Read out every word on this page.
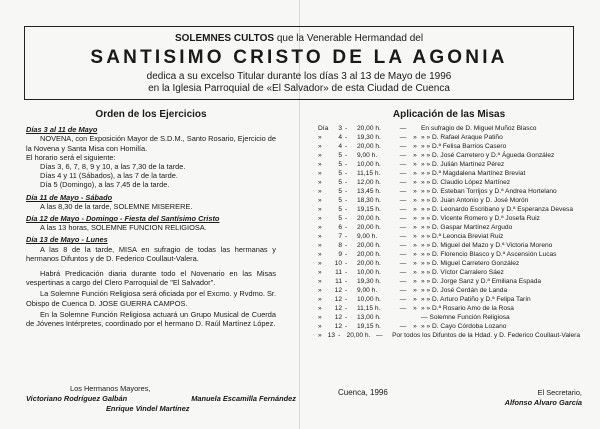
SOLEMNES CULTOS que la Venerable Hermandad del
SANTISIMO CRISTO DE LA AGONIA
dedica a su excelso Titular durante los días 3 al 13 de Mayo de 1996
en la Iglesia Parroquial de «El Salvador» de esta Ciudad de Cuenca
Orden de los Ejercicios
Días 3 al 11 de Mayo
NOVENA, con Exposición Mayor de S.D.M., Santo Rosario, Ejercicio de la Novena y Santa Misa con Homilía.
El horario será el siguiente:
Días 3, 6, 7, 8, 9 y 10, a las 7,30 de la tarde.
Días 4 y 11 (Sábados), a las 7 de la tarde.
Día 5 (Domingo), a las 7,45 de la tarde.
Día 11 de Mayo - Sábado
A las 8,30 de la tarde, SOLEMNE MISERERE.
Día 12 de Mayo - Domingo - Fiesta del Santísimo Cristo
A las 13 horas, SOLEMNE FUNCION RELIGIOSA.
Día 13 de Mayo - Lunes
A las 8 de la tarde, MISA en sufragio de todas las hermanas y hermanos Difuntos y de D. Federico Coullaut-Valera.
Habrá Predicación diaria durante todo el Novenario en las Misas vespertinas a cargo del Clero Parroquial de "El Salvador".
La Solemne Función Religiosa será oficiada por el Excmo. y Rvdmo. Sr. Obispo de Cuenca D. JOSE GUERRA CAMPOS.
En la Solemne Función Religiosa actuará un Grupo Musical de Cuerda de Jóvenes Intérpretes, coordinado por el hermano D. Raúl Martínez López.
Aplicación de las Misas
Día	3 -	20,00 h.	—	En sufragio de D. Miguel Muñoz Blasco
»	4 -	19,30 h.	—	» » » D. Rafael Araque Patiño
»	4 -	20,00 h.	—	» » » D.ª Felisa Barrios Casero
»	5 -	9,00 h.	—	» » » D. José Carretero y D.ª Águeda González
»	5 -	10,00 h.	—	» » » D. Julián Martínez Pérez
»	5 -	11,15 h.	—	» » » D.ª Magdalena Martínez Breviat
»	5 -	12,00 h.	—	» » » D. Claudio López Martínez
»	5 -	13,45 h.	—	» » » D. Esteban Torrijos y D.ª Andrea Hortelano
»	5 -	18,30 h.	—	» » » D. Juan Antonio y D. José Morón
»	5 -	19,15 h.	—	» » » D. Leonardo Escribano y D.ª Esperanza Devesa
»	5 -	20,00 h.	—	» » » D. Vicente Romero y D.ª Josefa Ruiz
»	6 -	20,00 h.	—	» » » D. Gaspar Martínez Argudo
»	7 -	9,00 h.	—	» » » D.ª Leoncia Breviat Ruiz
»	8 -	20,00 h.	—	» » » D. Miguel del Mazo y D.ª Victoria Moreno
»	9 -	20,00 h.	—	» » » D. Florencio Blasco y D.ª Ascensión Lucas
»	10 -	20,00 h.	—	» » » D. Miguel Carretero González
»	11 -	10,00 h.	—	» » » D. Víctor Carralero Sáez
»	11 -	19,30 h.	—	» » » D. Jorge Sanz y D.ª Emiliana Espada
»	12 -	9,00 h.	—	» » » D. José Cerdán de Landa
»	12 -	10,00 h.	—	» » » D. Arturo Patiño y D.ª Felipa Tarín
»	12 -	11,15 h.	—	» » » D.ª Rosario Amo de la Rosa
»	12 -	13,00 h.	— Solemne Función Religiosa
»	12 -	19,15 h.	—	» » » D. Cayo Córdoba Lozano
» 13 - 20,00 h. — Por todos los Difuntos de la Hdad. y D. Federico Coullaut-Valera
Los Hermanos Mayores,
Victoriano Rodríguez Galbán	Manuela Escamilla Fernández
Enrique Vindel Martínez
Cuenca, 1996	El Secretario,
Alfonso Alvaro García
